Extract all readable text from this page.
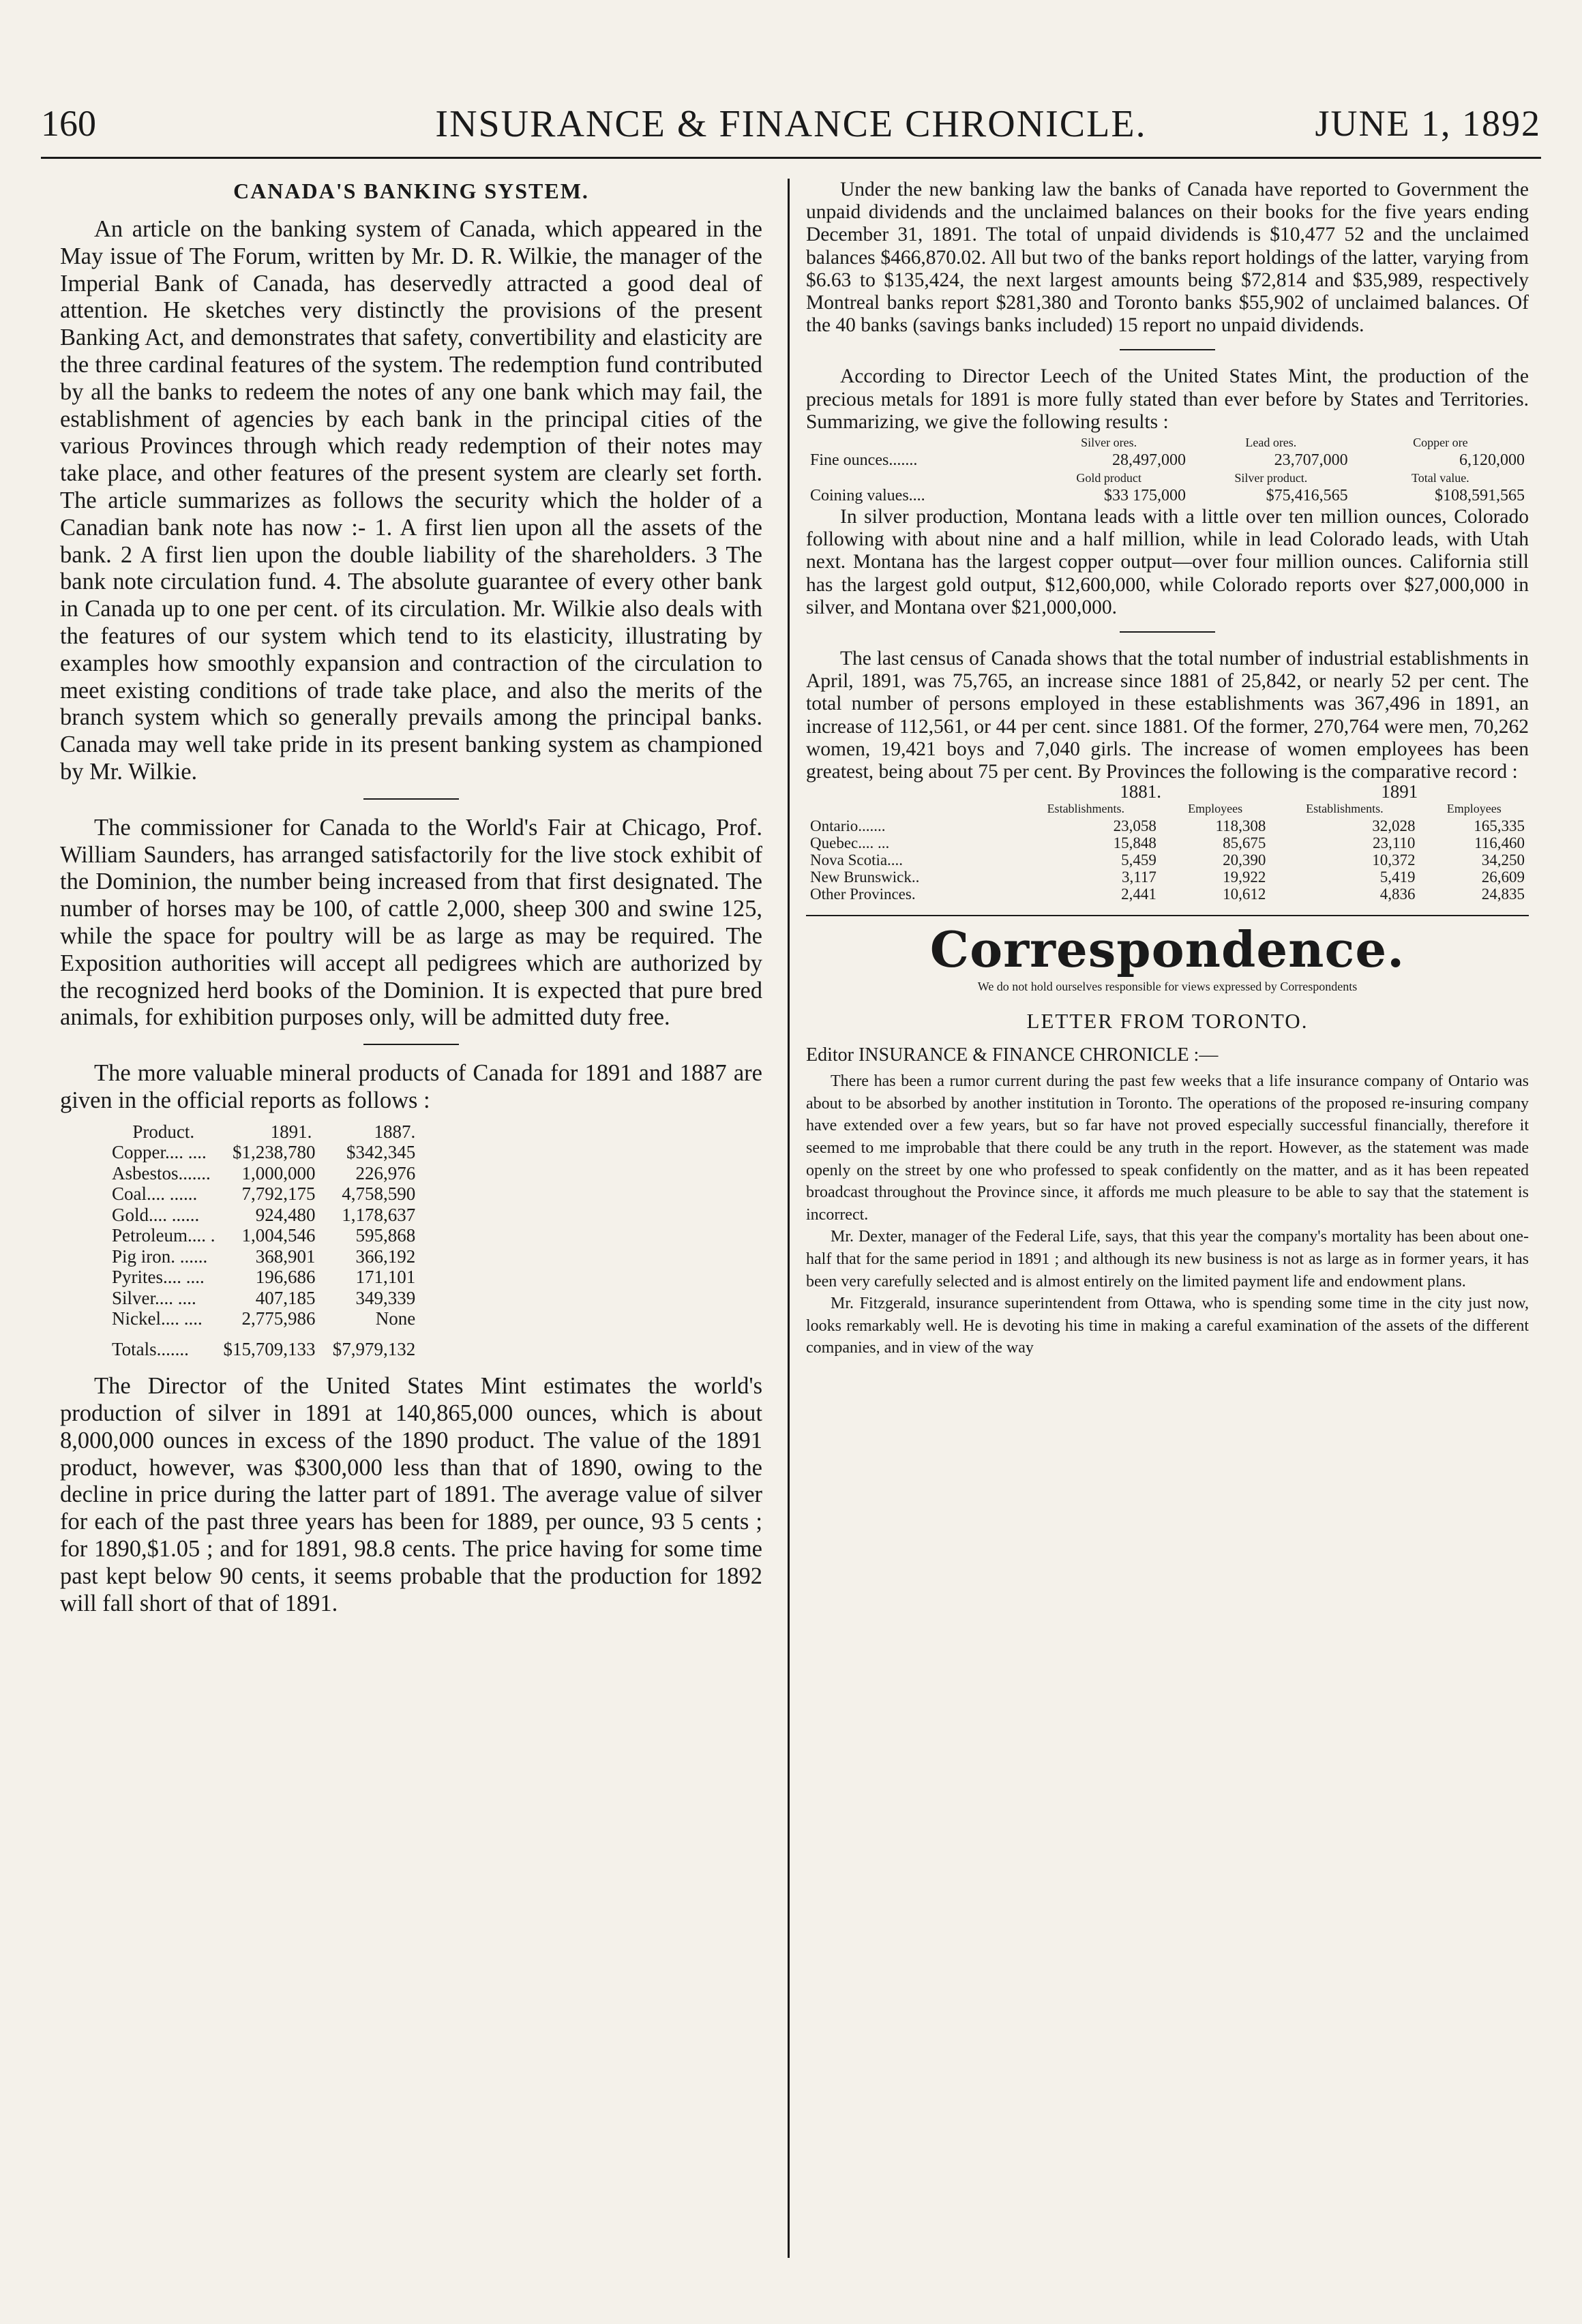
160	INSURANCE & FINANCE CHRONICLE.	JUNE 1, 1892
CANADA'S BANKING SYSTEM.

An article on the banking system of Canada, which appeared in the May issue of The Forum, written by Mr. D. R. Wilkie, the manager of the Imperial Bank of Canada, has deservedly attracted a good deal of attention. He sketches very distinctly the provisions of the present Banking Act, and demonstrates that safety, convertibility and elasticity are the three cardinal features of the system. The redemption fund contributed by all the banks to redeem the notes of any one bank which may fail, the establishment of agencies by each bank in the principal cities of the various Provinces through which ready redemption of their notes may take place, and other features of the present system are clearly set forth. The article summarizes as follows the security which the holder of a Canadian bank note has now :- 1. A first lien upon all the assets of the bank. 2 A first lien upon the double liability of the shareholders. 3 The bank note circulation fund. 4. The absolute guarantee of every other bank in Canada up to one per cent. of its circulation. Mr. Wilkie also deals with the features of our system which tend to its elasticity, illustrating by examples how smoothly expansion and contraction of the circulation to meet existing conditions of trade take place, and also the merits of the branch system which so generally prevails among the principal banks. Canada may well take pride in its present banking system as championed by Mr. Wilkie.

The commissioner for Canada to the World's Fair at Chicago, Prof. William Saunders, has arranged satisfactorily for the live stock exhibit of the Dominion, the number being increased from that first designated. The number of horses may be 100, of cattle 2,000, sheep 300 and swine 125, while the space for poultry will be as large as may be required. The Exposition authorities will accept all pedigrees which are authorized by the recognized herd books of the Dominion. It is expected that pure bred animals, for exhibition purposes only, will be admitted duty free.

The more valuable mineral products of Canada for 1891 and 1887 are given in the official reports as follows :

Product.	1891.	1887.
Copper.... ....	$1,238,780	$342,345
Asbestos.......	1,000,000	226,976
Coal.... ......	7,792,175	4,758,590
Gold.... ......	924,480	1,178,637
Petroleum.... .	1,004,546	595,868
Pig iron. ......	368,901	366,192
Pyrites.... ....	196,686	171,101
Silver.... ....	407,185	349,339
Nickel.... ....	2,775,986	None
Totals.......	$15,709,133	$7,979,132

The Director of the United States Mint estimates the world's production of silver in 1891 at 140,865,000 ounces, which is about 8,000,000 ounces in excess of the 1890 product. The value of the 1891 product, however, was $300,000 less than that of 1890, owing to the decline in price during the latter part of 1891. The average value of silver for each of the past three years has been for 1889, per ounce, 93 5 cents ; for 1890,$1.05 ; and for 1891, 98.8 cents. The price having for some time past kept below 90 cents, it seems probable that the production for 1892 will fall short of that of 1891.

Under the new banking law the banks of Canada have reported to Government the unpaid dividends and the unclaimed balances on their books for the five years ending December 31, 1891. The total of unpaid dividends is $10,477 52 and the unclaimed balances $466,870.02. All but two of the banks report holdings of the latter, varying from $6.63 to $135,424, the next largest amounts being $72,814 and $35,989, respectively Montreal banks report $281,380 and Toronto banks $55,902 of unclaimed balances. Of the 40 banks (savings banks included) 15 report no unpaid dividends.

According to Director Leech of the United States Mint, the production of the precious metals for 1891 is more fully stated than ever before by States and Territories. Summarizing, we give the following results :

	Silver ores.	Lead ores.	Copper ore
Fine ounces.......	28,497,000	23,707,000	6,120,000
	Gold product	Silver product.	Total value.
Coining values....	$33 175,000	$75,416,565	$108,591,565

In silver production, Montana leads with a little over ten million ounces, Colorado following with about nine and a half million, while in lead Colorado leads, with Utah next. Montana has the largest copper output—over four million ounces. California still has the largest gold output, $12,600,000, while Colorado reports over $27,000,000 in silver, and Montana over $21,000,000.

The last census of Canada shows that the total number of industrial establishments in April, 1891, was 75,765, an increase since 1881 of 25,842, or nearly 52 per cent. The total number of persons employed in these establishments was 367,496 in 1891, an increase of 112,561, or 44 per cent. since 1881. Of the former, 270,764 were men, 70,262 women, 19,421 boys and 7,040 girls. The increase of women employees has been greatest, being about 75 per cent. By Provinces the following is the comparative record :

	1881.		1891	
	Establishments.	Employees	Establishments.	Employees
Ontario.......	23,058	118,308	32,028	165,335
Quebec.... ...	15,848	85,675	23,110	116,460
Nova Scotia....	5,459	20,390	10,372	34,250
New Brunswick..	3,117	19,922	5,419	26,609
Other Provinces.	2,441	10,612	4,836	24,835
Correspondence.
We do not hold ourselves responsible for views expressed by Correspondents
LETTER FROM TORONTO.
Editor INSURANCE & FINANCE CHRONICLE :—

There has been a rumor current during the past few weeks that a life insurance company of Ontario was about to be absorbed by another institution in Toronto. The operations of the proposed re-insuring company have extended over a few years, but so far have not proved especially successful financially, therefore it seemed to me improbable that there could be any truth in the report. However, as the statement was made openly on the street by one who professed to speak confidently on the matter, and as it has been repeated broadcast throughout the Province since, it affords me much pleasure to be able to say that the statement is incorrect.

Mr. Dexter, manager of the Federal Life, says, that this year the company's mortality has been about one-half that for the same period in 1891 ; and although its new business is not as large as in former years, it has been very carefully selected and is almost entirely on the limited payment life and endowment plans.

Mr. Fitzgerald, insurance superintendent from Ottawa, who is spending some time in the city just now, looks remarkably well. He is devoting his time in making a careful examination of the assets of the different companies, and in view of the way
